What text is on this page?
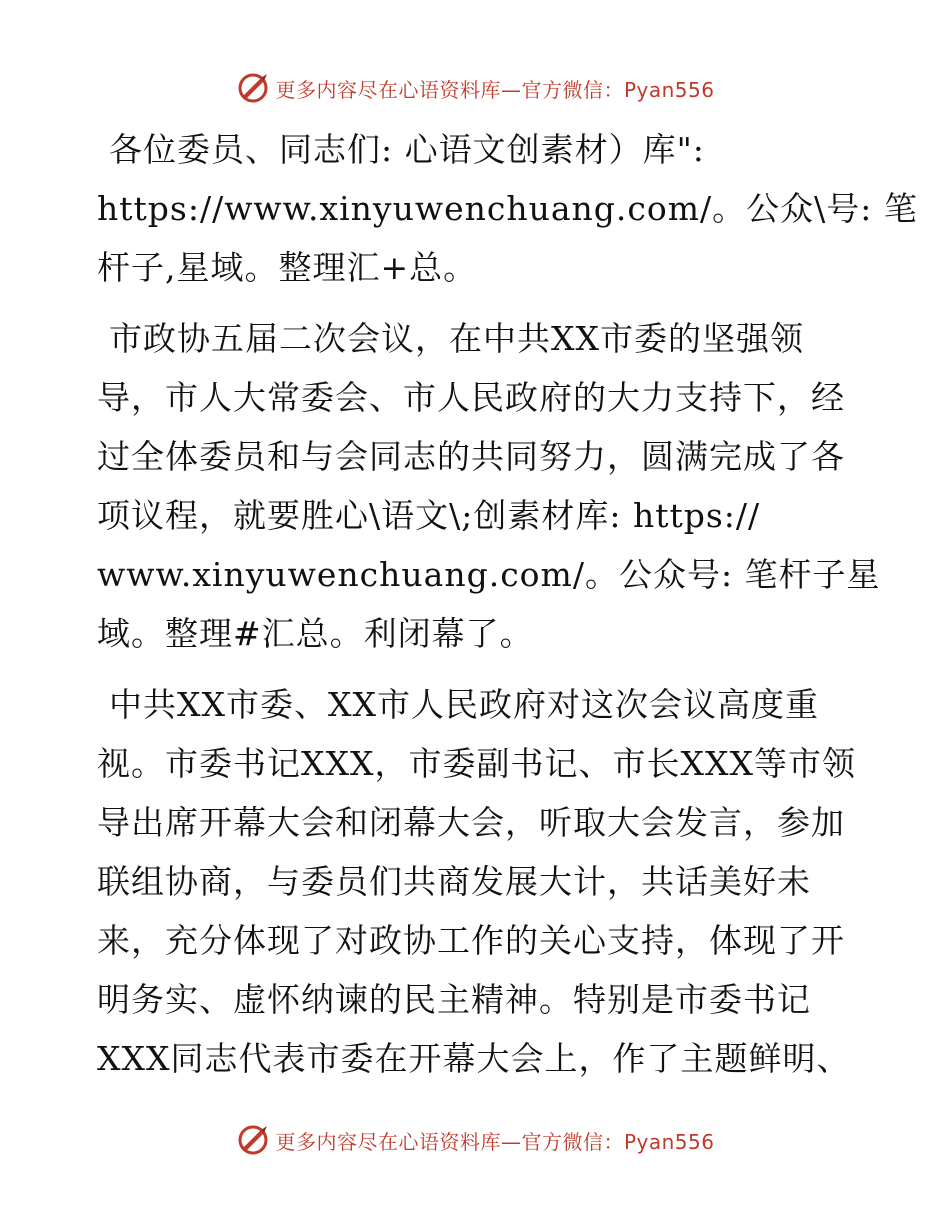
更多内容尽在心语资料库—官方微信：Pyan556
各位委员、同志们: 心语文创素材）库":
https://www.xinyuwenchuang.com/。公众\号: 笔
杆子,星域。整理汇+总。
市政协五届二次会议，在中共XX市委的坚强领
导，市人大常委会、市人民政府的大力支持下，经
过全体委员和与会同志的共同努力，圆满完成了各
项议程，就要胜心\语文\;创素材库: https://
www.xinyuwenchuang.com/。公众号: 笔杆子星
域。整理#汇总。利闭幕了。
中共XX市委、XX市人民政府对这次会议高度重
视。市委书记XXX，市委副书记、市长XXX等市领
导出席开幕大会和闭幕大会，听取大会发言，参加
联组协商，与委员们共商发展大计，共话美好未
来，充分体现了对政协工作的关心支持，体现了开
明务实、虚怀纳谏的民主精神。特别是市委书记
XXX同志代表市委在开幕大会上，作了主题鲜明、
更多内容尽在心语资料库—官方微信：Pyan556
